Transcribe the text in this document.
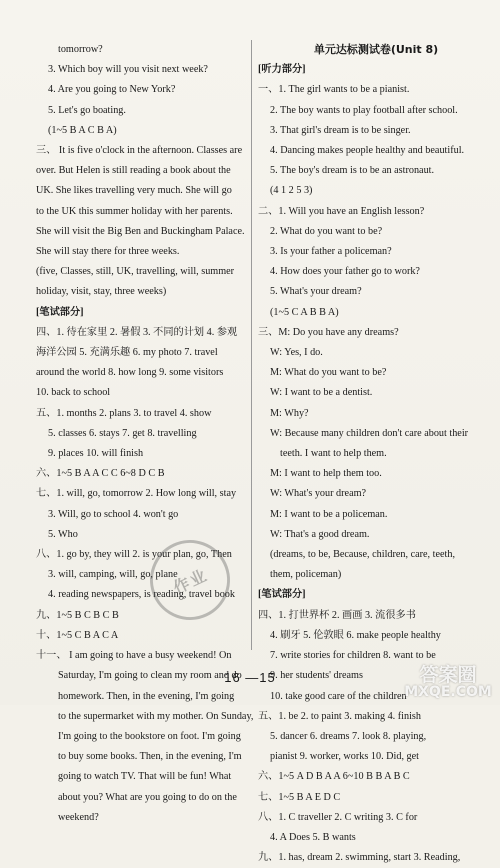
tomorrow?
3. Which boy will you visit next week?
4. Are you going to New York?
5. Let's go boating.
(1~5 B A C B A)
三、 It is five o'clock in the afternoon. Classes are
over. But Helen is still reading a book about the
UK. She likes travelling very much. She will go
to the UK this summer holiday with her parents.
She will visit the Big Ben and Buckingham Palace.
She will stay there for three weeks.
(five, Classes, still, UK, travelling, will, summer
holiday, visit, stay, three weeks)
[笔试部分]
四、1. 待在家里 2. 暑假 3. 不同的计划 4. 参观
海洋公园 5. 充满乐趣 6. my photo 7. travel
around the world 8. how long 9. some visitors
10. back to school
五、1. months 2. plans 3. to travel 4. show
5. classes 6. stays 7. get 8. travelling
9. places 10. will finish
六、1~5 B A A C C 6~8 D C B
七、1. will, go, tomorrow 2. How long will, stay
3. Will, go to school 4. won't go
5. Who
八、1. go by, they will 2. is your plan, go, Then
3. will, camping, will, go, plane
4. reading newspapers, is reading, travel book
九、1~5 B C B C B
十、1~5 C B A C A
十一、 I am going to have a busy weekend! On
Saturday, I'm going to clean my room and do
homework. Then, in the evening, I'm going
to the supermarket with my mother. On Sunday,
I'm going to the bookstore on foot. I'm going
to buy some books. Then, in the evening, I'm
going to watch TV. That will be fun! What
about you? What are you going to do on the
weekend?
单元达标测试卷(Unit 8)
[听力部分]
一、1. The girl wants to be a pianist.
2. The boy wants to play football after school.
3. That girl's dream is to be singer.
4. Dancing makes people healthy and beautiful.
5. The boy's dream is to be an astronaut.
(4 1 2 5 3)
二、1. Will you have an English lesson?
2. What do you want to be?
3. Is your father a policeman?
4. How does your father go to work?
5. What's your dream?
(1~5 C A B B A)
三、M: Do you have any dreams?
W: Yes, I do.
M: What do you want to be?
W: I want to be a dentist.
M: Why?
W: Because many children don't care about their
teeth. I want to help them.
M: I want to help them too.
W: What's your dream?
M: I want to be a policeman.
W: That's a good dream.
(dreams, to be, Because, children, care, teeth,
them, policeman)
[笔试部分]
四、1. 打世界杯 2. 画画 3. 流很多书
4. 刷牙 5. 伦敦眼 6. make people healthy
7. write stories for children 8. want to be
9. her students' dreams
10. take good care of the children
五、1. be 2. to paint 3. making 4. finish
5. dancer 6. dreams 7. look 8. playing,
pianist 9. worker, works 10. Did, get
六、1~5 A D B A A 6~10 B B A B C
七、1~5 B A E D C
八、1. C traveller 2. C writing 3. C for
4. A Does 5. B wants
九、1. has, dream 2. swimming, start 3. Reading,
作业
16 —15	答案圈
MXQE.COM
